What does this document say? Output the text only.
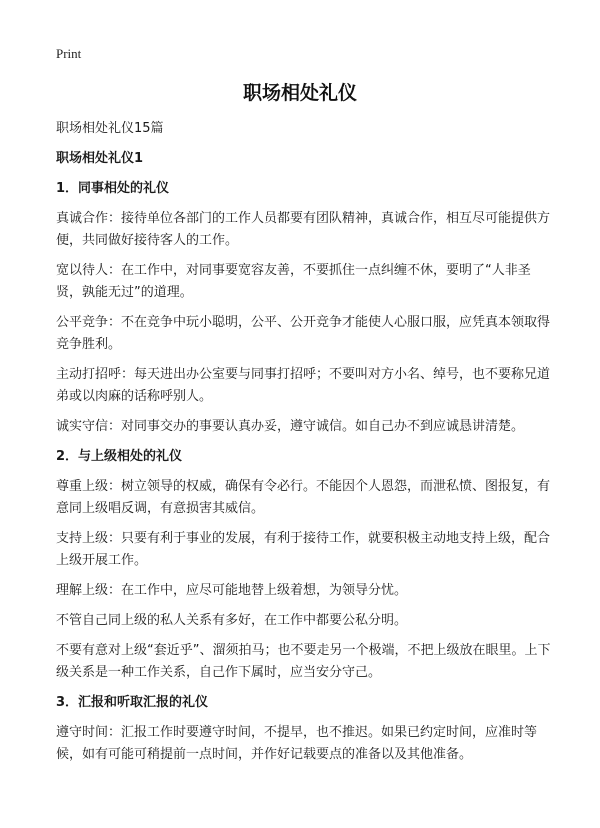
Print
职场相处礼仪
职场相处礼仪15篇
职场相处礼仪1
1．同事相处的礼仪
真诚合作：接待单位各部门的工作人员都要有团队精神，真诚合作，相互尽可能提供方便，共同做好接待客人的工作。
宽以待人：在工作中，对同事要宽容友善，不要抓住一点纠缠不休，要明了“人非圣贤，孰能无过”的道理。
公平竞争：不在竞争中玩小聪明，公平、公开竞争才能使人心服口服，应凭真本领取得竞争胜利。
主动打招呼：每天进出办公室要与同事打招呼；不要叫对方小名、绰号，也不要称兄道弟或以肉麻的话称呼别人。
诚实守信：对同事交办的事要认真办妥，遵守诚信。如自己办不到应诚恳讲清楚。
2．与上级相处的礼仪
尊重上级：树立领导的权威，确保有令必行。不能因个人恩怨，而泄私愤、图报复，有意同上级唱反调，有意损害其威信。
支持上级：只要有利于事业的发展，有利于接待工作，就要积极主动地支持上级，配合上级开展工作。
理解上级：在工作中，应尽可能地替上级着想，为领导分忧。
不管自己同上级的私人关系有多好，在工作中都要公私分明。
不要有意对上级“套近乎”、溜须拍马；也不要走另一个极端，不把上级放在眼里。上下级关系是一种工作关系，自己作下属时，应当安分守己。
3．汇报和听取汇报的礼仪
遵守时间：汇报工作时要遵守时间，不提早，也不推迟。如果已约定时间，应准时等候，如有可能可稍提前一点时间，并作好记载要点的准备以及其他准备。
